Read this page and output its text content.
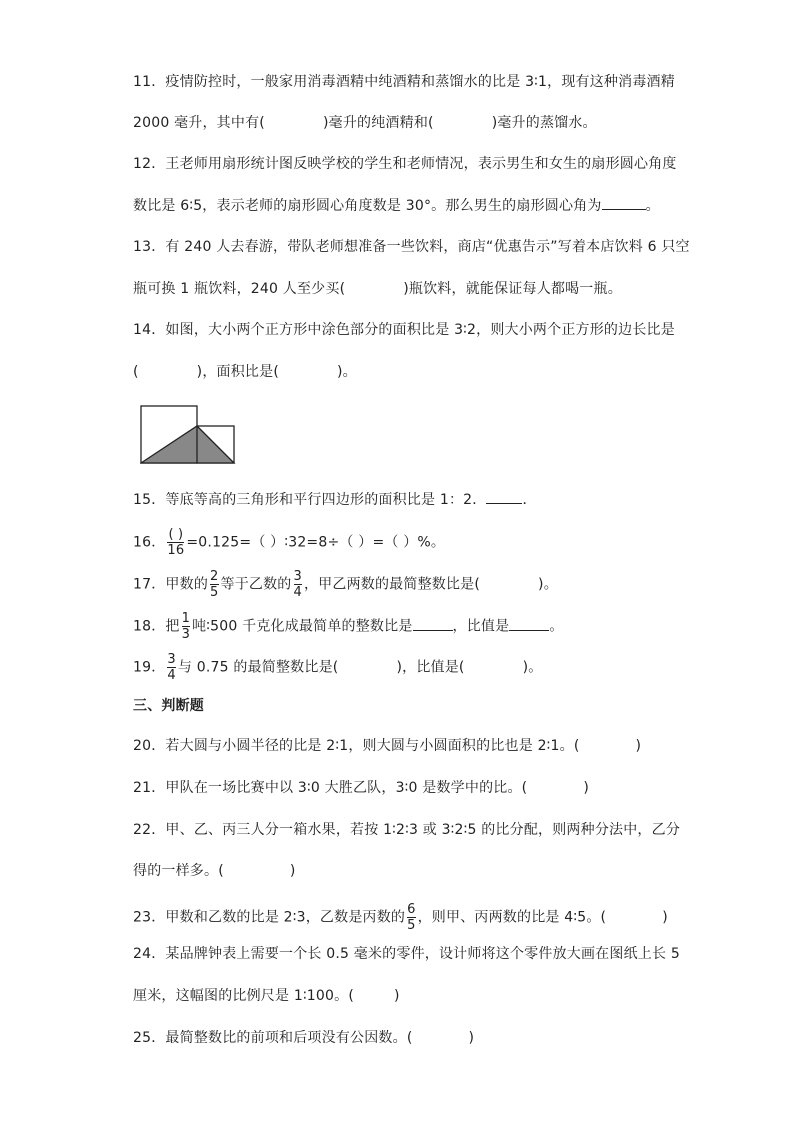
11．疫情防控时，一般家用消毒酒精中纯酒精和蒸馏水的比是 3∶1，现有这种消毒酒精
2000 毫升，其中有(	)毫升的纯酒精和(	)毫升的蒸馏水。
12．王老师用扇形统计图反映学校的学生和老师情况，表示男生和女生的扇形圆心角度
数比是 6∶5，表示老师的扇形圆心角度数是 30°。那么男生的扇形圆心角为	。
13．有 240 人去春游，带队老师想准备一些饮料，商店“优惠告示”写着本店饮料 6 只空
瓶可换 1 瓶饮料，240 人至少买(	)瓶饮料，就能保证每人都喝一瓶。
14．如图，大小两个正方形中涂色部分的面积比是 3∶2，则大小两个正方形的边长比是
(	)，面积比是(	)。
15．等底等高的三角形和平行四边形的面积比是 1：2．	．
16． $\frac{( )}{16} =0.125=$（ ）∶32=8÷（ ）=（ ）%。
17．甲数的 $\frac{2}{5}$ 等于乙数的 $\frac{3}{4}$ ，甲乙两数的最简整数比是(	)。
18．把 $\frac{1}{3}$ 吨∶500 千克化成最简单的整数比是	，比值是	。
19． $\frac{3}{4}$ 与 0.75 的最简整数比是(	)，比值是(	)。
三、判断题
20．若大圆与小圆半径的比是 2∶1，则大圆与小圆面积的比也是 2∶1。(	)
21．甲队在一场比赛中以 3∶0 大胜乙队，3∶0 是数学中的比。(	)
22．甲、乙、丙三人分一箱水果，若按 1∶2∶3 或 3∶2∶5 的比分配，则两种分法中，乙分
得的一样多。(	)
23．甲数和乙数的比是 2∶3，乙数是丙数的 $\frac{6}{5}$ ，则甲、丙两数的比是 4∶5。(	)
24．某品牌钟表上需要一个长 0.5 毫米的零件，设计师将这个零件放大画在图纸上长 5
厘米，这幅图的比例尺是 1∶100。(	)
25．最简整数比的前项和后项没有公因数。(	)
